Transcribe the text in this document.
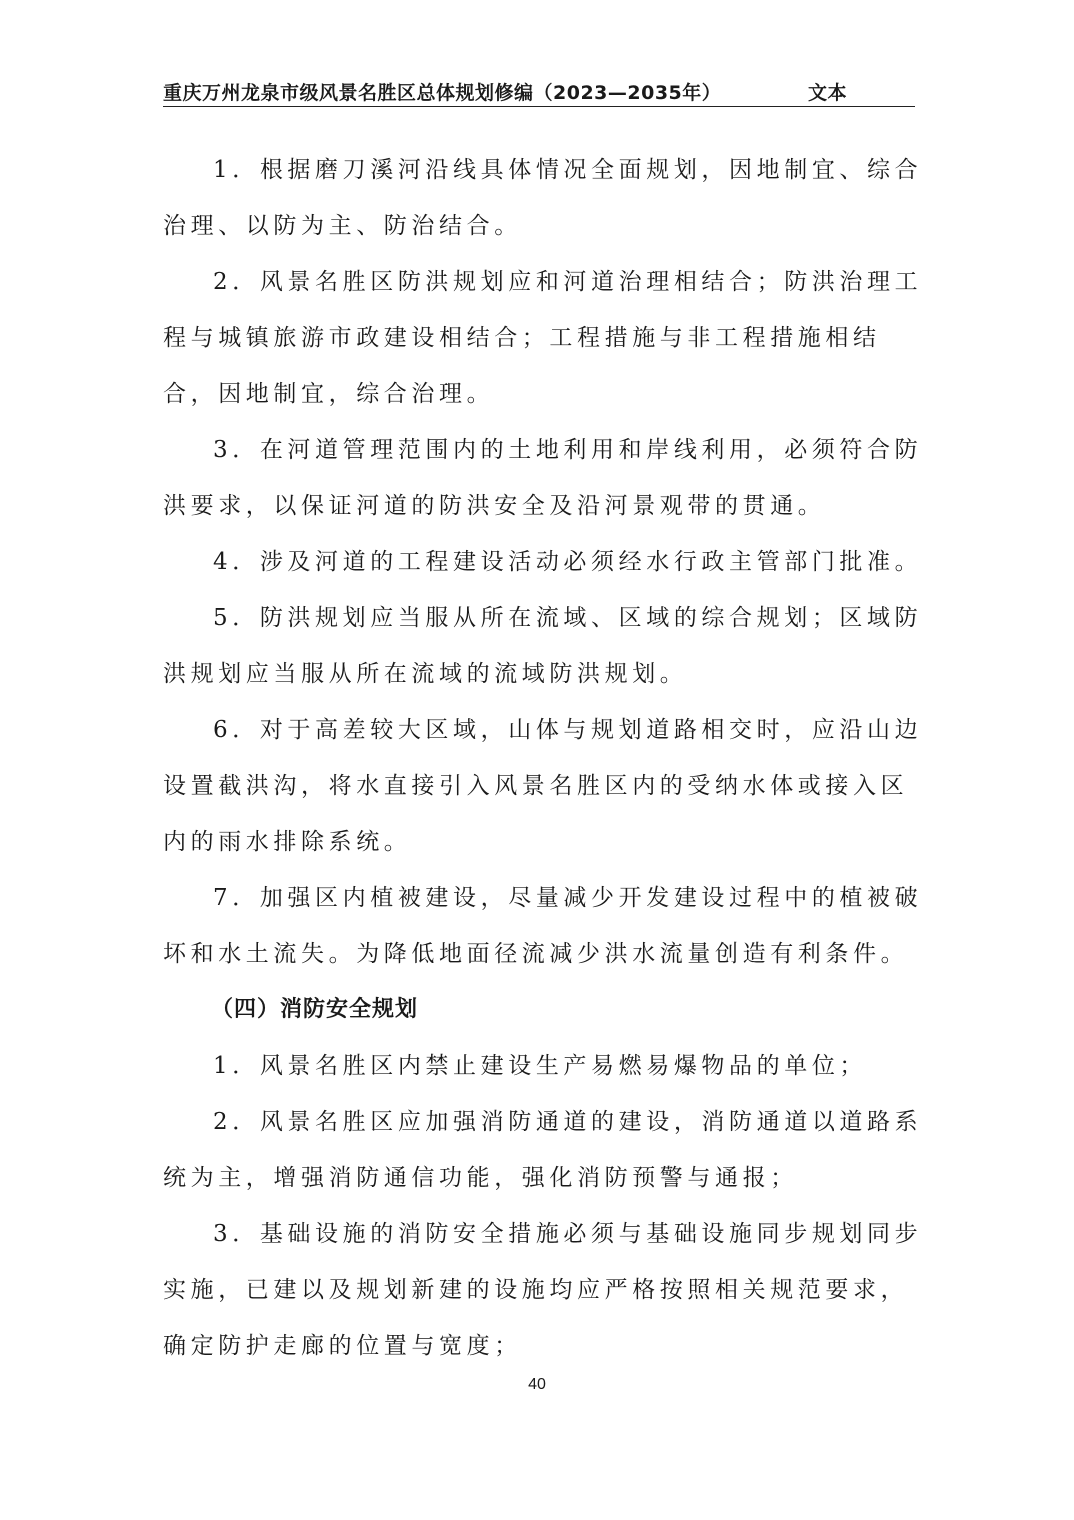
重庆万州龙泉市级风景名胜区总体规划修编（2023—2035年）	文本

1．根据磨刀溪河沿线具体情况全面规划，因地制宜、综合治理、以防为主、防治结合。

2．风景名胜区防洪规划应和河道治理相结合；防洪治理工程与城镇旅游市政建设相结合；工程措施与非工程措施相结合，因地制宜，综合治理。

3．在河道管理范围内的土地利用和岸线利用，必须符合防洪要求，以保证河道的防洪安全及沿河景观带的贯通。

4．涉及河道的工程建设活动必须经水行政主管部门批准。

5．防洪规划应当服从所在流域、区域的综合规划；区域防洪规划应当服从所在流域的流域防洪规划。

6．对于高差较大区域，山体与规划道路相交时，应沿山边设置截洪沟，将水直接引入风景名胜区内的受纳水体或接入区内的雨水排除系统。

7．加强区内植被建设，尽量减少开发建设过程中的植被破坏和水土流失。为降低地面径流减少洪水流量创造有利条件。

（四）消防安全规划

1．风景名胜区内禁止建设生产易燃易爆物品的单位；

2．风景名胜区应加强消防通道的建设，消防通道以道路系统为主，增强消防通信功能，强化消防预警与通报；

3．基础设施的消防安全措施必须与基础设施同步规划同步实施，已建以及规划新建的设施均应严格按照相关规范要求，确定防护走廊的位置与宽度；

40
